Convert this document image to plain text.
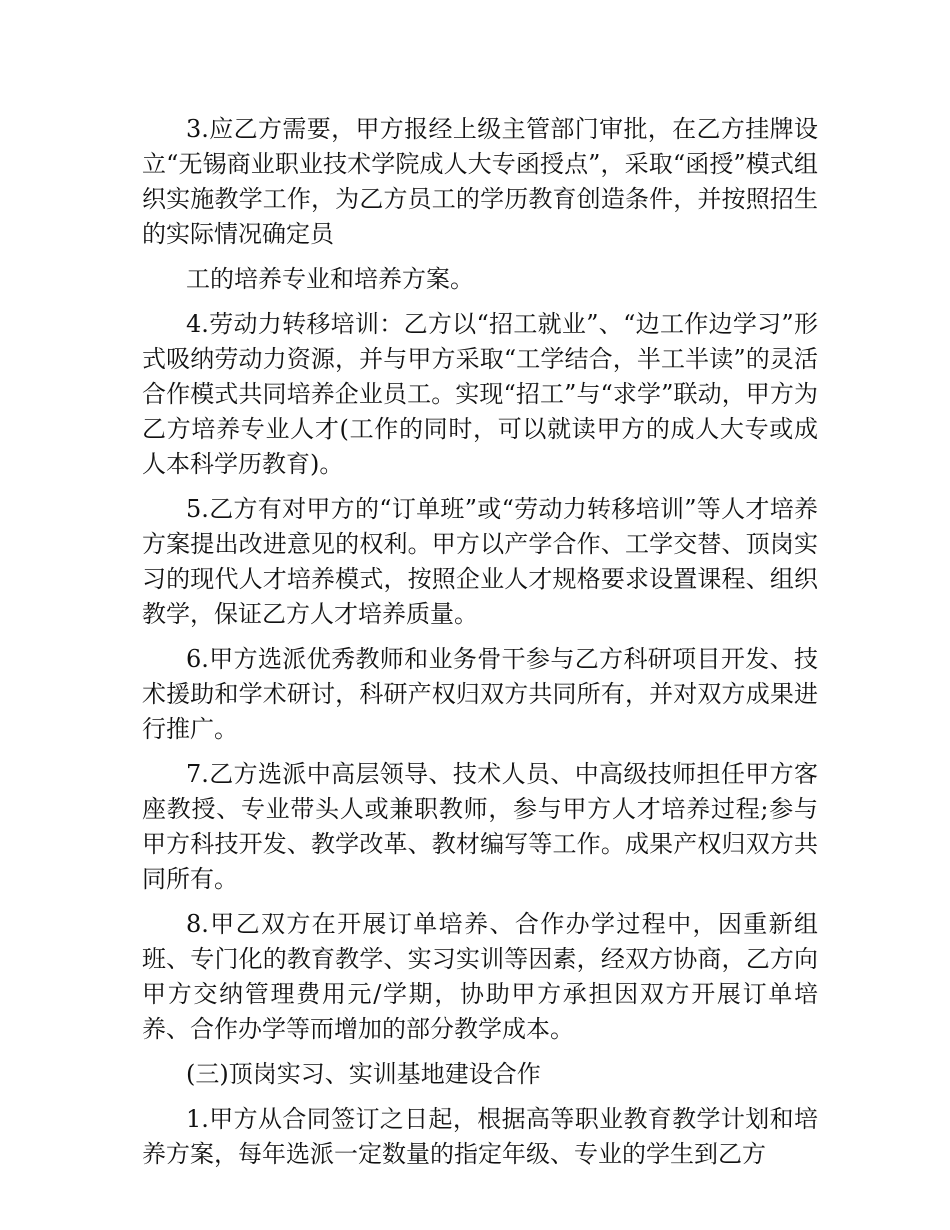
3.应乙方需要，甲方报经上级主管部门审批，在乙方挂牌设立“无锡商业职业技术学院成人大专函授点”，采取“函授”模式组织实施教学工作，为乙方员工的学历教育创造条件，并按照招生的实际情况确定员

工的培养专业和培养方案。

4.劳动力转移培训：乙方以“招工就业”、“边工作边学习”形式吸纳劳动力资源，并与甲方采取“工学结合，半工半读”的灵活合作模式共同培养企业员工。实现“招工”与“求学”联动，甲方为乙方培养专业人才(工作的同时，可以就读甲方的成人大专或成人本科学历教育)。

5.乙方有对甲方的“订单班”或“劳动力转移培训”等人才培养方案提出改进意见的权利。甲方以产学合作、工学交替、顶岗实习的现代人才培养模式，按照企业人才规格要求设置课程、组织教学，保证乙方人才培养质量。

6.甲方选派优秀教师和业务骨干参与乙方科研项目开发、技术援助和学术研讨，科研产权归双方共同所有，并对双方成果进行推广。

7.乙方选派中高层领导、技术人员、中高级技师担任甲方客座教授、专业带头人或兼职教师，参与甲方人才培养过程;参与甲方科技开发、教学改革、教材编写等工作。成果产权归双方共同所有。

8.甲乙双方在开展订单培养、合作办学过程中，因重新组班、专门化的教育教学、实习实训等因素，经双方协商，乙方向甲方交纳管理费用元/学期，协助甲方承担因双方开展订单培养、合作办学等而增加的部分教学成本。

(三)顶岗实习、实训基地建设合作

1.甲方从合同签订之日起，根据高等职业教育教学计划和培养方案，每年选派一定数量的指定年级、专业的学生到乙方
